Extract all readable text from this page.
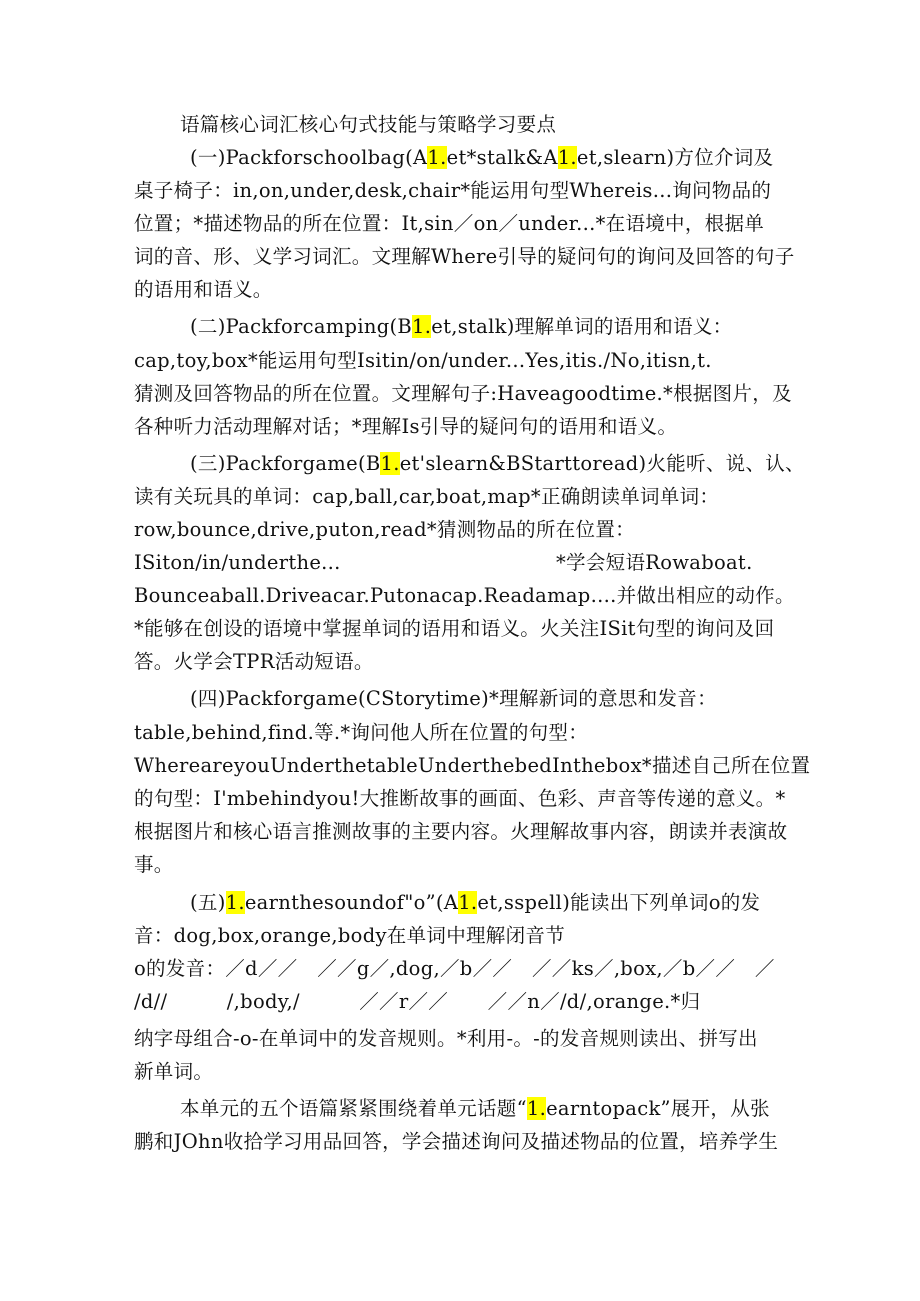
语篇核心词汇核心句式技能与策略学习要点
(一)Packforschoolbag(A1.et*stalk&A1.et,slearn)方位介词及
桌子椅子：in,on,under,desk,chair*能运用句型Whereis...询问物品的
位置；*描述物品的所在位置：It,sin／on／under...*在语境中，根据单
词的音、形、义学习词汇。文理解Where引导的疑问句的询问及回答的句子
的语用和语义。
(二)Packforcamping(B1.et,stalk)理解单词的语用和语义：
cap,toy,box*能运用句型Isitin/on/under...Yes,itis./No,itisn,t.
猜测及回答物品的所在位置。文理解句子:Haveagoodtime.*根据图片，及
各种听力活动理解对话；*理解Is引导的疑问句的语用和语义。
(三)Packforgame(B1.et'slearn&BStarttoread)火能听、说、认、
读有关玩具的单词：cap,ball,car,boat,map*正确朗读单词单词：
row,bounce,drive,puton,read*猜测物品的所在位置：
ISiton/in/underthe...	*学会短语Rowaboat.
Bounceaball.Driveacar.Putonacap.Readamap....并做出相应的动作。
*能够在创设的语境中掌握单词的语用和语义。火关注ISit句型的询问及回
答。火学会TPR活动短语。
(四)Packforgame(CStorytime)*理解新词的意思和发音：
table,behind,find.等.*询问他人所在位置的句型：
WhereareyouUnderthetableUnderthebedInthebox*描述自己所在位置
的句型：I'mbehindyou!大推断故事的画面、色彩、声音等传递的意义。*
根据图片和核心语言推测故事的主要内容。火理解故事内容，朗读并表演故
事。
(五)1.earnthesoundof"o”(A1.et,sspell)能读出下列单词o的发
音：dog,box,orange,body在单词中理解闭音节
o的发音：／d／／　／／g／,dog,／b／／　／／ks／,box,／b／／　／
/d//　　　/,body,/　　　／／r／／　　／／n／/d/,orange.*归
纳字母组合-o-在单词中的发音规则。*利用-。-的发音规则读出、拼写出
新单词。
本单元的五个语篇紧紧围绕着单元话题“1.earntopack”展开，从张
鹏和JOhn收拾学习用品回答，学会描述询问及描述物品的位置，培养学生
